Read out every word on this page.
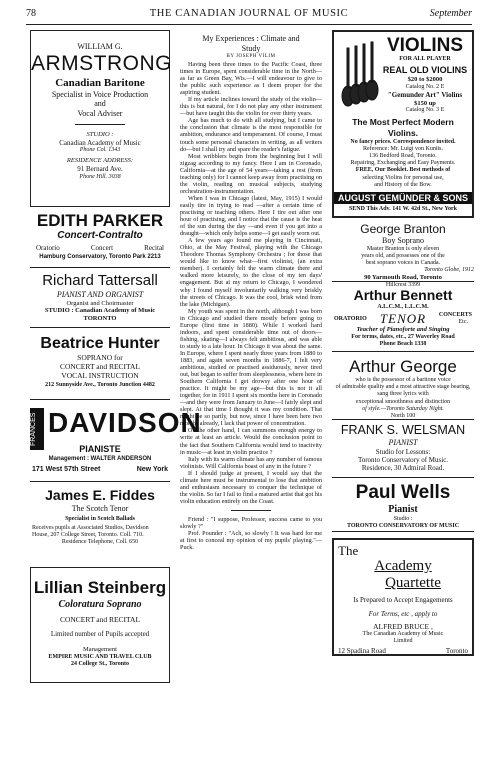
78	THE CANADIAN JOURNAL OF MUSIC	September
WILLIAM G.
ARMSTRONG
Canadian Baritone
Specialist in Voice Production
and
Vocal Adviser
STUDIO :
Canadian Academy of Music
Phone Col. 1343
RESIDENCE ADDRESS:
91 Bernard Ave.
Phone Hill. 3038
EDITH PARKER
Concert-Contralto
Oratorio	Concert	Recital
Hamburg Conservatory, Toronto Park 2213
Richard Tattersall
PIANIST AND ORGANIST
Organist and Choirmaster
STUDIO : Canadian Academy of Music
TORONTO
Beatrice Hunter
SOPRANO for
CONCERT and RECITAL
VOCAL INSTRUCTION
212 Sunnyside Ave., Toronto Junction 4482
FRANCES DAVIDSON
PIANISTE
Management : WALTER ANDERSON
171 West 57th Street	New York
James E. Fiddes
The Scotch Tenor
Specialist in Scotch Ballads
Receives pupils at Associated Studios, Davidson
House, 207 College Street, Toronto. Coll. 710.
Residence Telephone, Coll. 650
Lillian Steinberg
Coloratura Soprano
CONCERT and RECITAL
Limited number of Pupils accepted
Management
EMPIRE MUSIC AND TRAVEL CLUB
24 College St., Toronto
My Experiences : Climate and
Study
BY JOSEPH VILIM

Having been three times to the Pacific Coast, three times in Europe, spent considerable time in the North—as far as Green Bay, Wis.—I will endeavour to give to the public such experience as I deem proper for the aspiring student.

If my article inclines toward the study of the violin—this is but natural, for I do not play any other instrument—but have taught this the violin for over thirty years.

Age has much to do with all studying, but I came to the conclusion that climate is the most responsible for ambition, endurance and temperament. Of course, I must touch some personal characters in writing, as all writers do—but I shall try and spare the reader's fatigue.

Most wribblers begin from the beginning but I will zigzag according to my fancy. Here I am in Coronado, California—at the age of 54 years—taking a rest (from teaching only) for I cannot keep away from practising on the violin, reading on musical subjects, studying orchestration-instrumentation.

When I was in Chicago (latest, May, 1915) I would easily tire in trying to read —after a certain time of practising or teaching others. Here I tire out after one hour of practising, and I notice that the cause is the heat of the sun during the day —and even if you get into a draught—which only helps some—I get easily worn out.

A few years ago found me playing in Cincinnati, Ohio, at the May Festival, playing with the Chicago Theodore Thomas Symphony Orchestra ; for those that would like to know what—first violinist, (an extra member). I certainly felt the warm climate there and walked more leisurely, to the close of my ten days' engagement. But at my return to Chicago, I wondered why I found myself involuntarily walking very briskly the streets of Chicago. It was the cool, brisk wind from the lake (Michigan).

My youth was spent in the north, although I was born in Chicago and studied there mostly before going to Europe (first time in 1880). While I worked hard indoors, and spent considerable time out of doors—fishing, skating—I always felt ambitious, and was able to study to a late hour. In Chicago it was about the same. In Europe, where I spent nearly three years from 1880 to 1883, and again seven months in 1886-7, I felt very ambitious, studied or practised assiduously, never tired out, but began to suffer from sleeplessness, where here in Southern California I get drowsy after one hour of practice. It might be my age—but this is not it all together, for in 1911 I spent six months here in Coronado—and they were from January to June—I fairly slept and slept. At that time I thought it was my condition. That might be so partly, but now, since I have been here two months already, I lack that power of concentration.

On the other hand, I can summons enough energy to write at least an article. Would the conclusion point to the fact that Southern California would tend to inactivity in music—at least in violin practice ?

Italy with its warm climate has any number of famous violinists. Will California boast of any in the future ?

If I should judge at present, I would say that the climate here must be instrumental to lose that ambition and enthusiasm necessary to conquer the technique of the violin. So far I fail to find a matured artist that got his violin education entirely on the Coast.

Friend : "I suppose, Professor, success came to you slowly ?"

Prof. Pounder : "Ach, so slowly ! It was hard for me at first to conceal my opinion of my pupils' playing."—Puck.

VIOLINS
FOR ALL PLAYER
REAL OLD VIOLINS
$20 to $2000
Catalog No. 2 E
"Gemunder Art" Violins
$150 up
Catalog No. 3 E
The Most Perfect Modern Violins.
No fancy prices. Correspondence invited.
Reference: Mr. Luigi von Kunits.
136 Bedford Road, Toronto.
Repairing, Exchanging and Easy Payments.
FREE, Our Booklet. Best methods of
selecting Violins for personal use,
and History of the Bow.
AUGUST GEMÜNDER & SONS
SEND This Adv. 141 W. 42d St., New York
George Branton
Boy Soprano
Master Branton is only eleven
years old, and possesses one of the
best soprano voices in Canada.
Toronto Globe, 1912
90 Yarmouth Road, Toronto
Hillcrest 3399
Arthur Bennett
A.L.C.M., L.L.C.M.
ORATORIO	TENOR	CONCERTS
Etc.
Teacher of Pianoforte and Singing
For terms, dates, etc., 27 Waverley Road
Phone Beach 1338
Arthur George
who is the possessor of a baritone voice
of admirable quality and a most attractive stage bearing, sang three lyrics with
exceptional smoothness and distinction
of style.—Toronto Saturday Night.
North 100
FRANK S. WELSMAN
PIANIST
Studio for Lessons:
Toronto Conservatory of Music.
Residence, 30 Admiral Road.
Paul Wells
Pianist
Studio :
TORONTO CONSERVATORY OF MUSIC
The
Academy
Quartette
Is Prepared to Accept Engagements
For Terms, etc , apply to
ALFRED BRUCE ,
The Canadian Academy of Music
Limited
12 Spadina Road	Toronto
